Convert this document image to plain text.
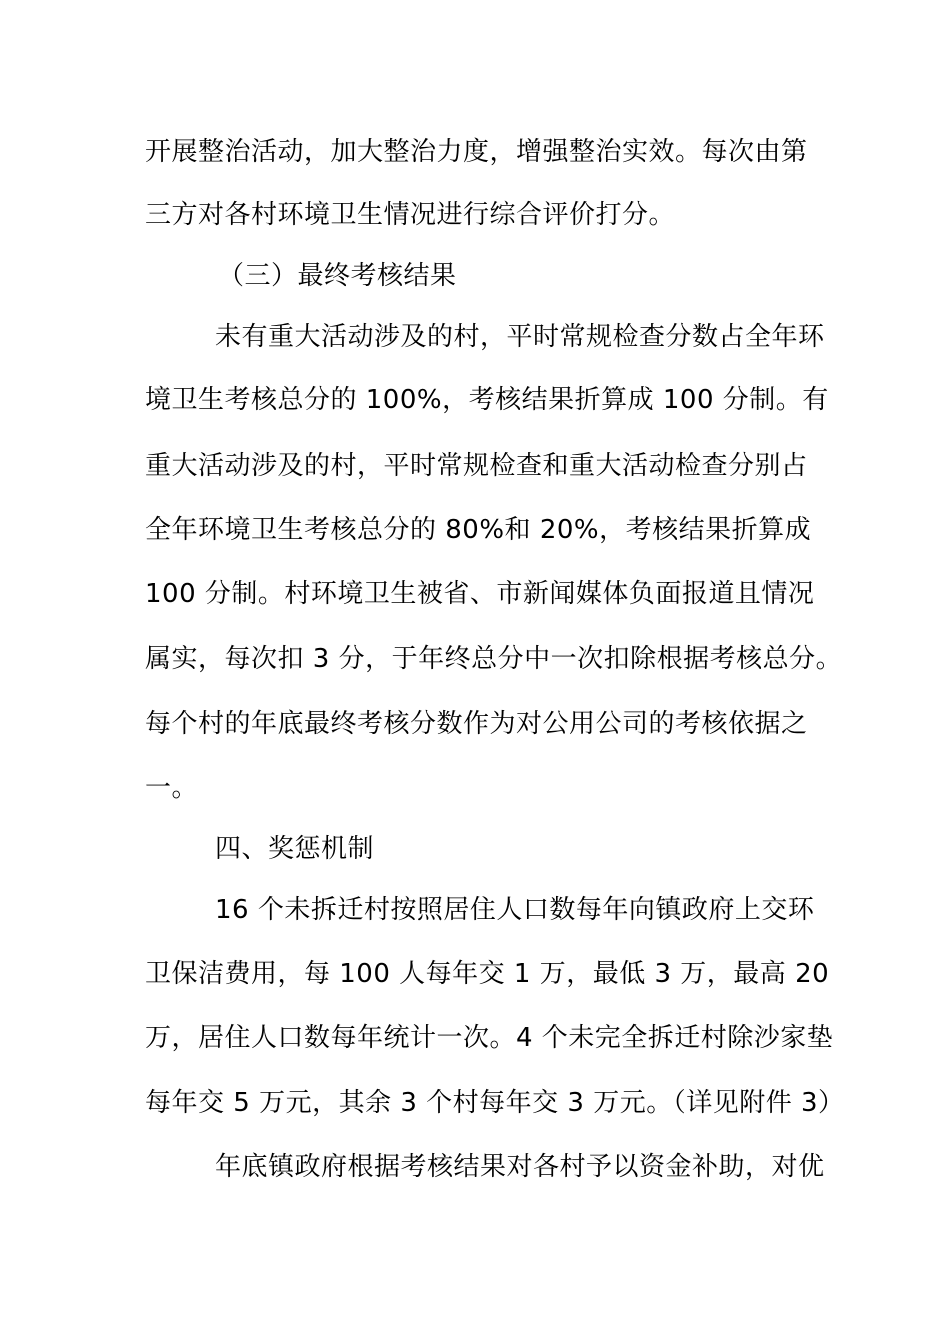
开展整治活动，加大整治力度，增强整治实效。每次由第
三方对各村环境卫生情况进行综合评价打分。
（三）最终考核结果
未有重大活动涉及的村，平时常规检查分数占全年环
境卫生考核总分的 100%，考核结果折算成 100 分制。有
重大活动涉及的村，平时常规检查和重大活动检查分别占
全年环境卫生考核总分的 80%和 20%，考核结果折算成
100 分制。村环境卫生被省、市新闻媒体负面报道且情况
属实，每次扣 3 分，于年终总分中一次扣除根据考核总分。
每个村的年底最终考核分数作为对公用公司的考核依据之
一。
四、奖惩机制
16 个未拆迁村按照居住人口数每年向镇政府上交环
卫保洁费用，每 100 人每年交 1 万，最低 3 万，最高 20
万，居住人口数每年统计一次。4 个未完全拆迁村除沙家垫
每年交 5 万元，其余 3 个村每年交 3 万元。（详见附件 3）
年底镇政府根据考核结果对各村予以资金补助，对优
